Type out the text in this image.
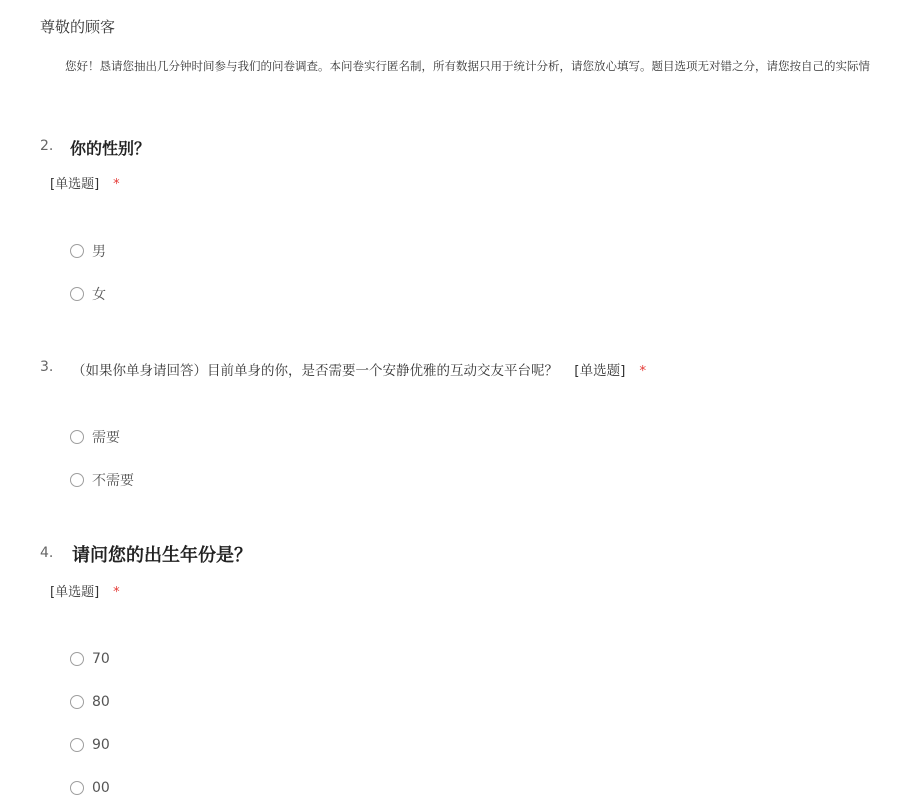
尊敬的顾客
您好！恳请您抽出几分钟时间参与我们的问卷调查。本问卷实行匿名制，所有数据只用于统计分析，请您放心填写。题目选项无对错之分，请您按自己的实际情
2. 你的性别？
[单选题] *
男
女
3. （如果你单身请回答）目前单身的你，是否需要一个安静优雅的互动交友平台呢？ [单选题] *
需要
不需要
4. 请问您的出生年份是？
[单选题] *
70
80
90
00
